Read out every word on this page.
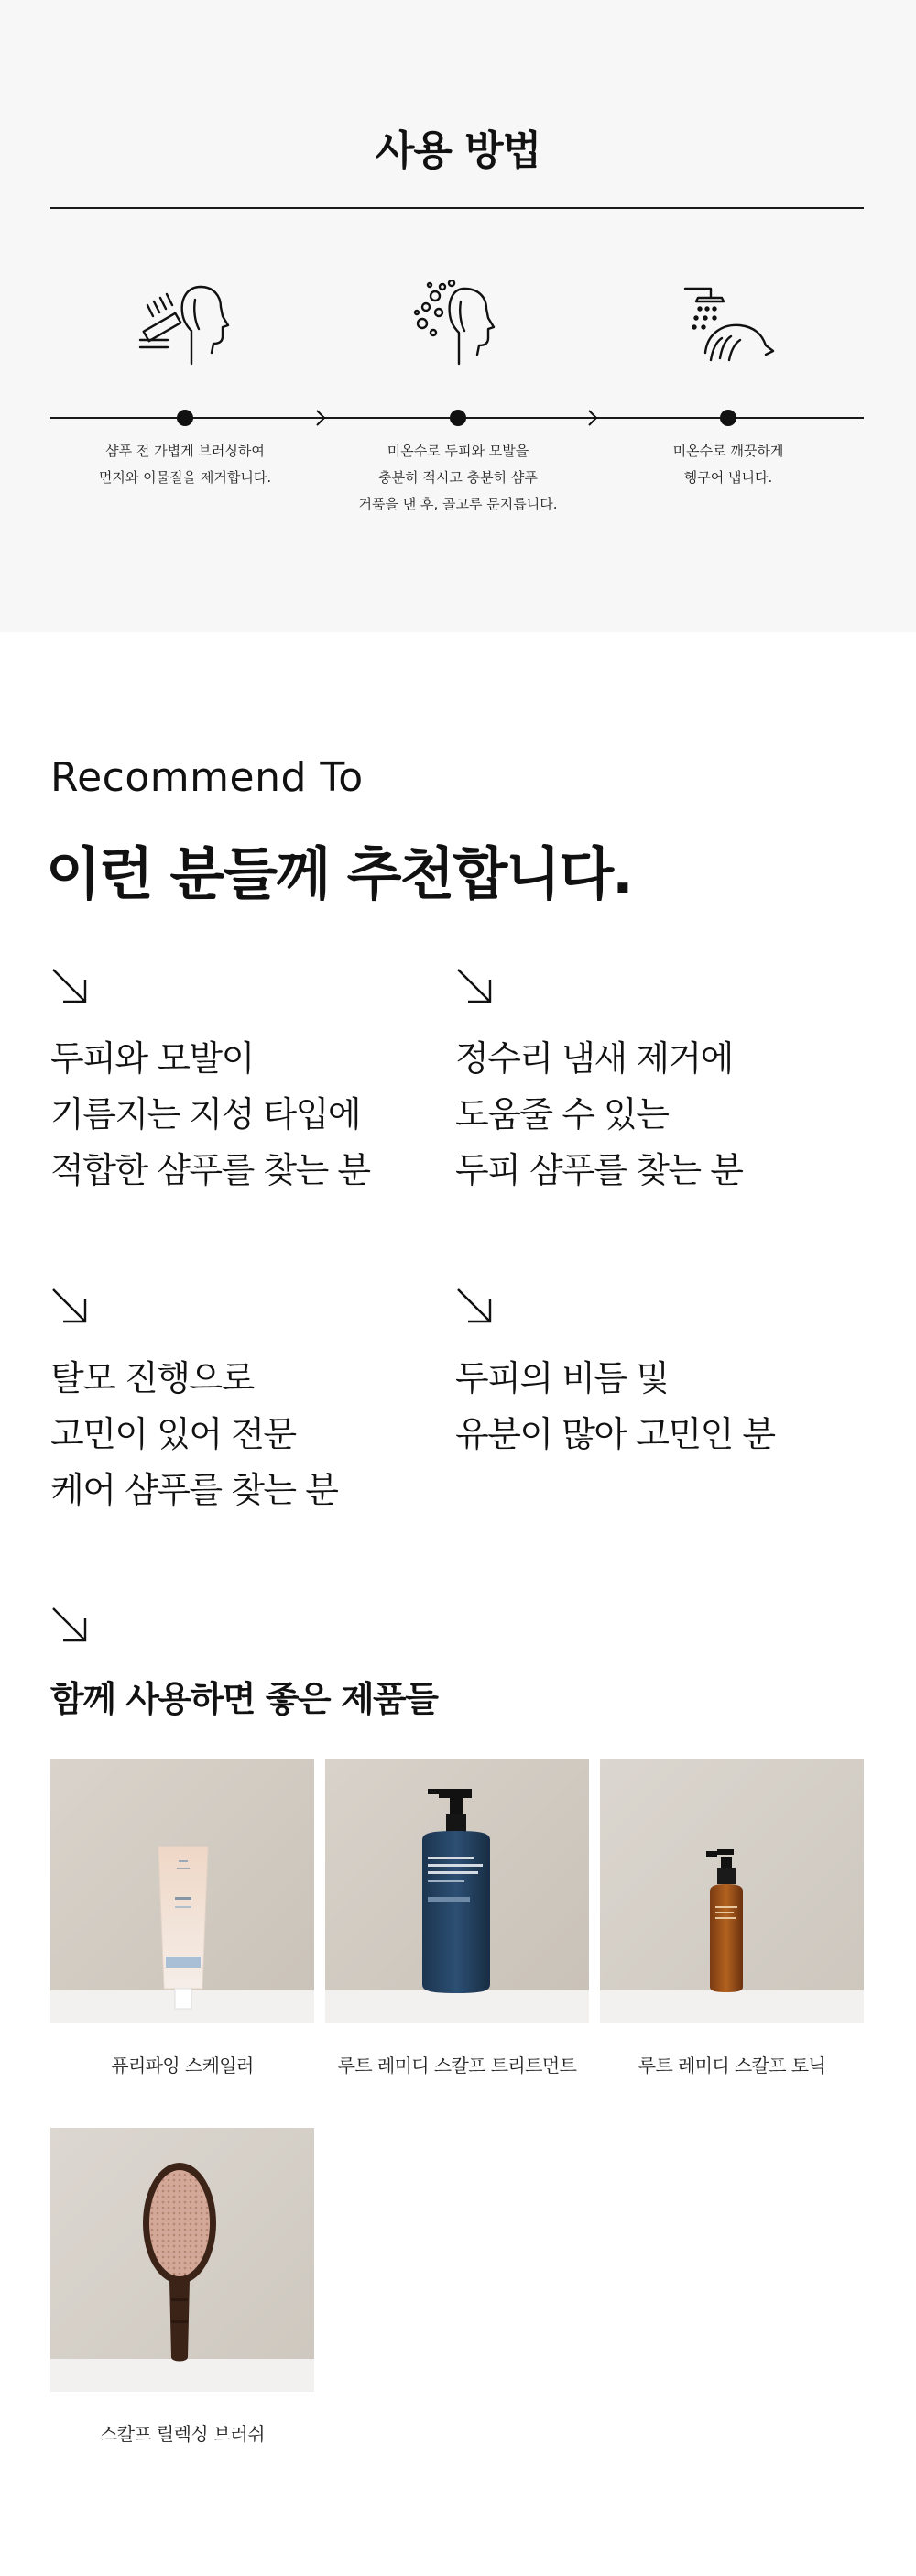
사용 방법
샴푸 전 가볍게 브러싱하여
먼지와 이물질을 제거합니다.
미온수로 두피와 모발을
충분히 적시고 충분히 샴푸
거품을 낸 후, 골고루 문지릅니다.
미온수로 깨끗하게
헹구어 냅니다.
Recommend To
이런 분들께 추천합니다.
두피와 모발이
기름지는 지성 타입에
적합한 샴푸를 찾는 분
정수리 냄새 제거에
도움줄 수 있는
두피 샴푸를 찾는 분
탈모 진행으로
고민이 있어 전문
케어 샴푸를 찾는 분
두피의 비듬 및
유분이 많아 고민인 분
함께 사용하면 좋은 제품들

퓨리파잉 스케일러	루트 레미디 스칼프 트리트먼트	루트 레미디 스칼프 토닉

스칼프 릴렉싱 브러쉬
